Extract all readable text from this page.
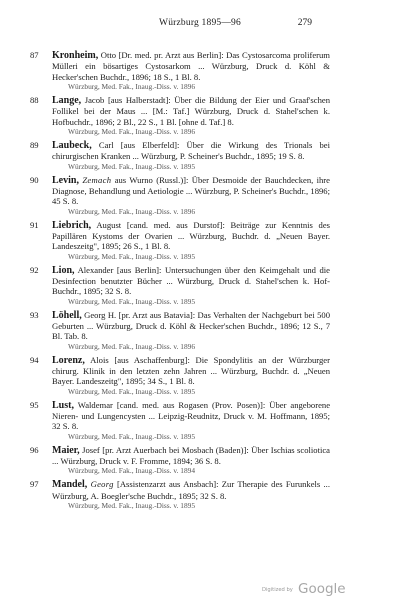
Würzburg 1895—96	279
87	Kronheim, Otto [Dr. med. pr. Arzt aus Berlin]: Das Cystosarcoma proliferum Mülleri ein bösartiges Cystosarkom ... Würzburg, Druck d. Köhl & Hecker'schen Buchdr., 1896; 18 S., 1 Bl. 8.
Würzburg, Med. Fak., Inaug.-Diss. v. 1896
88	Lange, Jacob [aus Halberstadt]: Über die Bildung der Eier und Graaf'schen Follikel bei der Maus ... [M.: Taf.] Würzburg, Druck d. Stahel'schen k. Hofbuchdr., 1896; 2 Bl., 22 S., 1 Bl. [ohne d. Taf.] 8.
Würzburg, Med. Fak., Inaug.-Diss. v. 1896
89	Laubeck, Carl [aus Elberfeld]: Über die Wirkung des Trionals bei chirurgischen Kranken ... Würzburg, P. Scheiner's Buchdr., 1895; 19 S. 8.
Würzburg, Med. Fak., Inaug.-Diss. v. 1895
90	Levin, Zemach aus Wurno (Russl.)]: Über Desmoide der Bauchdecken, ihre Diagnose, Behandlung und Aetiologie ... Würzburg, P. Scheiner's Buchdr., 1896; 45 S. 8.
Würzburg, Med. Fak., Inaug.-Diss. v. 1896
91	Liebrich, August [cand. med. aus Durstof]: Beiträge zur Kenntnis des Papillären Kystoms der Ovarien ... Würzburg, Buchdr. d. „Neuen Bayer. Landeszeitg", 1895; 26 S., 1 Bl. 8.
Würzburg, Med. Fak., Inaug.-Diss. v. 1895
92	Lion, Alexander [aus Berlin]: Untersuchungen über den Keimgehalt und die Desinfection benutzter Bücher ... Würzburg, Druck d. Stahel'schen k. Hof-Buchdr., 1895; 32 S. 8.
Würzburg, Med. Fak., Inaug.-Diss. v. 1895
93	Löhell, Georg H. [pr. Arzt aus Batavia]: Das Verhalten der Nachgeburt bei 500 Geburten ... Würzburg, Druck d. Köhl & Hecker'schen Buchdr., 1896; 12 S., 7 Bl. Tab. 8.
Würzburg, Med. Fak., Inaug.-Diss. v. 1896
94	Lorenz, Alois [aus Aschaffenburg]: Die Spondylitis an der Würzburger chirurg. Klinik in den letzten zehn Jahren ... Würzburg, Buchdr. d. „Neuen Bayer. Landeszeitg", 1895; 34 S., 1 Bl. 8.
Würzburg, Med. Fak., Inaug.-Diss. v. 1895
95	Lust, Waldemar [cand. med. aus Rogasen (Prov. Posen)]: Über angeborene Nieren- und Lungencysten ... Leipzig-Reudnitz, Druck v. M. Hoffmann, 1895; 32 S. 8.
Würzburg, Med. Fak., Inaug.-Diss. v. 1895
96	Maier, Josef [pr. Arzt Auerbach bei Mosbach (Baden)]: Über Ischias scoliotica ... Würzburg, Druck v. F. Fromme, 1894; 36 S. 8.
Würzburg, Med. Fak., Inaug.-Diss. v. 1894
97	Mandel, Georg [Assistenzarzt aus Ansbach]: Zur Therapie des Furunkels ... Würzburg, A. Boegler'sche Buchdr., 1895; 32 S. 8.
Würzburg, Med. Fak., Inaug.-Diss. v. 1895
Digitized by Google
